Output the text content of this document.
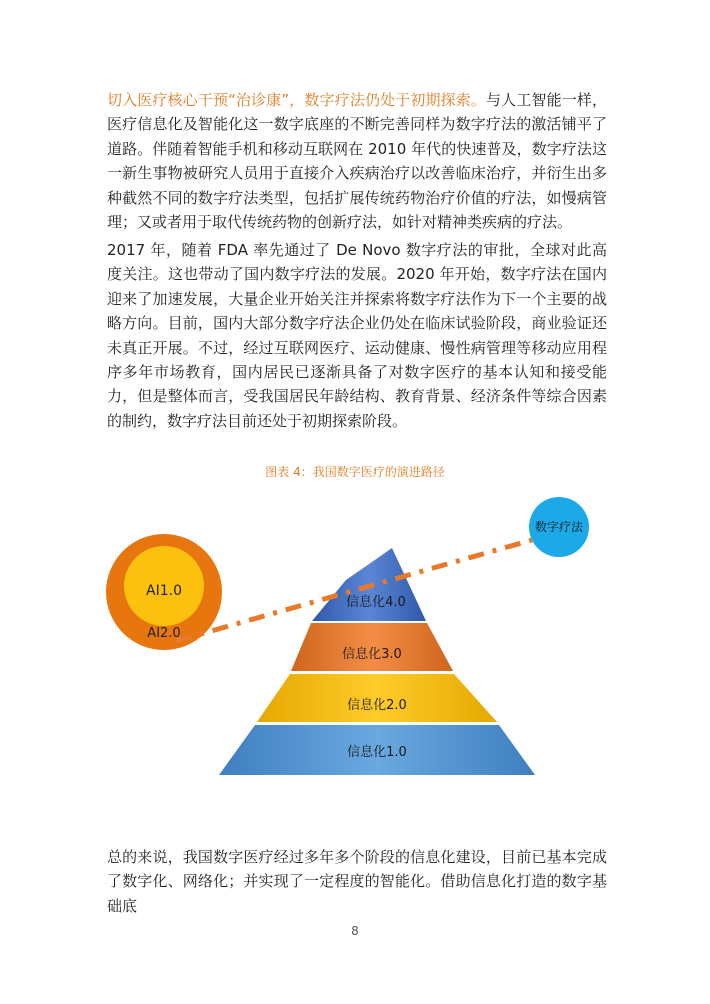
切入医疗核心干预“治诊康”，数字疗法仍处于初期探索。与人工智能一样，医疗信息化及智能化这一数字底座的不断完善同样为数字疗法的激活铺平了道路。伴随着智能手机和移动互联网在 2010 年代的快速普及，数字疗法这一新生事物被研究人员用于直接介入疾病治疗以改善临床治疗，并衍生出多种截然不同的数字疗法类型，包括扩展传统药物治疗价值的疗法，如慢病管理；又或者用于取代传统药物的创新疗法，如针对精神类疾病的疗法。

2017 年，随着 FDA 率先通过了 De Novo 数字疗法的审批，全球对此高度关注。这也带动了国内数字疗法的发展。2020 年开始，数字疗法在国内迎来了加速发展，大量企业开始关注并探索将数字疗法作为下一个主要的战略方向。目前，国内大部分数字疗法企业仍处在临床试验阶段，商业验证还未真正开展。不过，经过互联网医疗、运动健康、慢性病管理等移动应用程序多年市场教育，国内居民已逐渐具备了对数字医疗的基本认知和接受能力，但是整体而言，受我国居民年龄结构、教育背景、经济条件等综合因素的制约，数字疗法目前还处于初期探索阶段。

图表 4：我国数字医疗的演进路径
AI1.0
AI2.0
信息化4.0
信息化3.0
信息化2.0
信息化1.0
数字疗法

总的来说，我国数字医疗经过多年多个阶段的信息化建设，目前已基本完成了数字化、网络化；并实现了一定程度的智能化。借助信息化打造的数字基础底

8
